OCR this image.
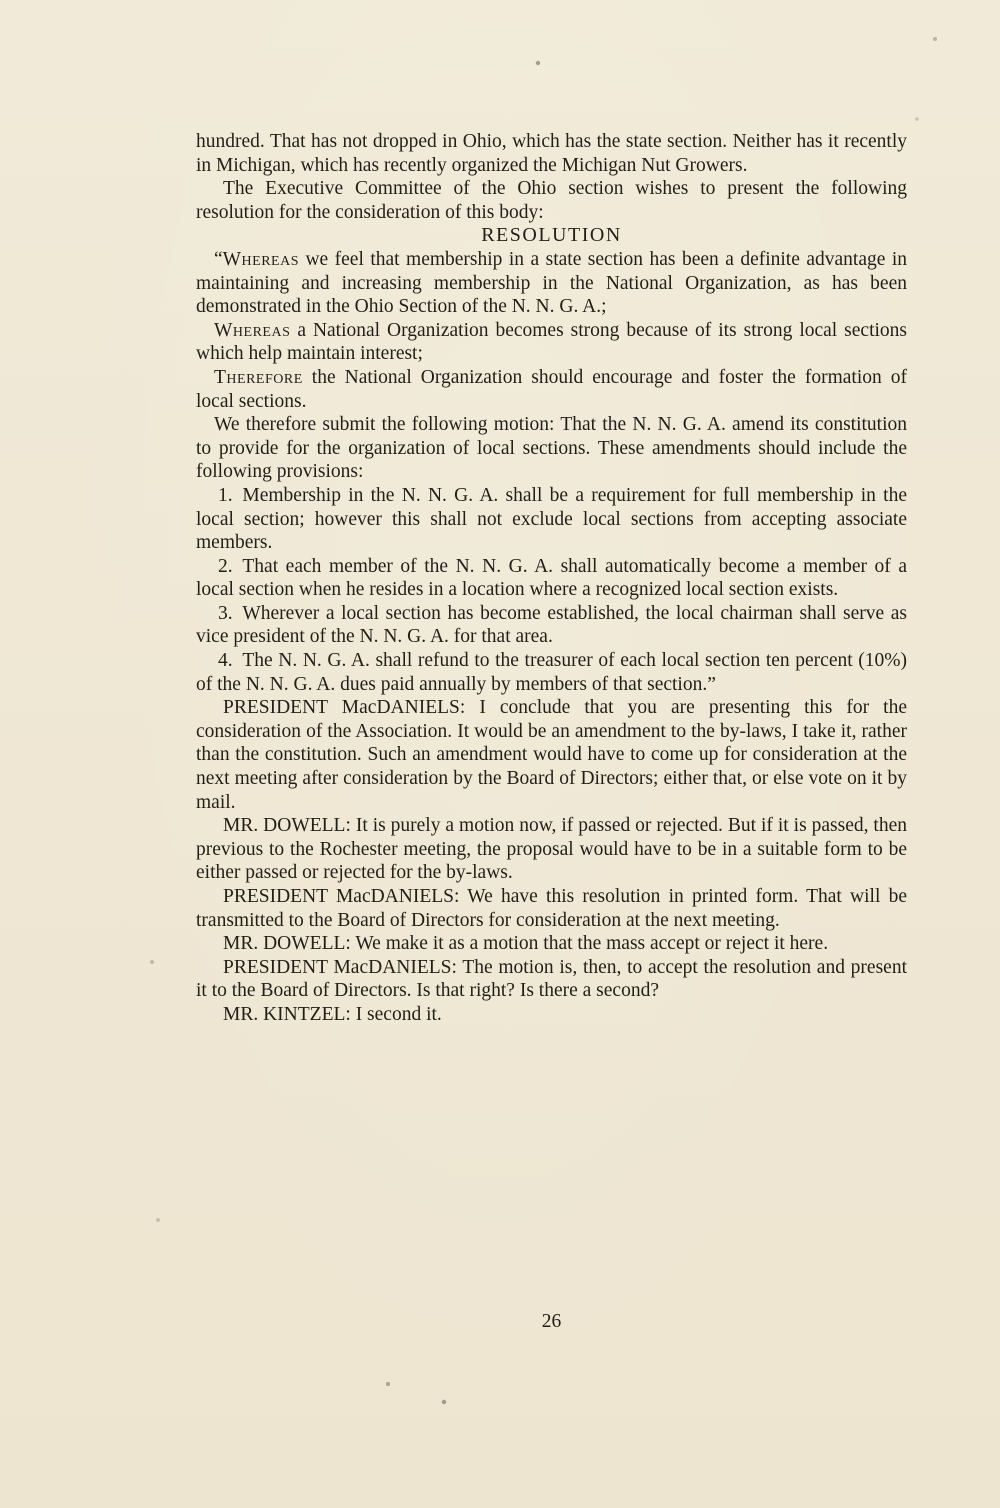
hundred. That has not dropped in Ohio, which has the state section. Neither has it recently in Michigan, which has recently organized the Michigan Nut Growers.

The Executive Committee of the Ohio section wishes to present the following resolution for the consideration of this body:

RESOLUTION

“Whereas we feel that membership in a state section has been a definite advantage in maintaining and increasing membership in the National Organization, as has been demonstrated in the Ohio Section of the N. N. G. A.;

Whereas a National Organization becomes strong because of its strong local sections which help maintain interest;

Therefore the National Organization should encourage and foster the formation of local sections.

We therefore submit the following motion: That the N. N. G. A. amend its constitution to provide for the organization of local sections. These amendments should include the following provisions:

1. Membership in the N. N. G. A. shall be a requirement for full membership in the local section; however this shall not exclude local sections from accepting associate members.

2. That each member of the N. N. G. A. shall automatically become a member of a local section when he resides in a location where a recognized local section exists.

3. Wherever a local section has become established, the local chairman shall serve as vice president of the N. N. G. A. for that area.

4. The N. N. G. A. shall refund to the treasurer of each local section ten percent (10%) of the N. N. G. A. dues paid annually by members of that section.”

PRESIDENT MacDANIELS: I conclude that you are presenting this for the consideration of the Association. It would be an amendment to the by-laws, I take it, rather than the constitution. Such an amendment would have to come up for consideration at the next meeting after consideration by the Board of Directors; either that, or else vote on it by mail.

MR. DOWELL: It is purely a motion now, if passed or rejected. But if it is passed, then previous to the Rochester meeting, the proposal would have to be in a suitable form to be either passed or rejected for the by-laws.

PRESIDENT MacDANIELS: We have this resolution in printed form. That will be transmitted to the Board of Directors for consideration at the next meeting.

MR. DOWELL: We make it as a motion that the mass accept or reject it here.

PRESIDENT MacDANIELS: The motion is, then, to accept the resolution and present it to the Board of Directors. Is that right? Is there a second?

MR. KINTZEL: I second it.

26
